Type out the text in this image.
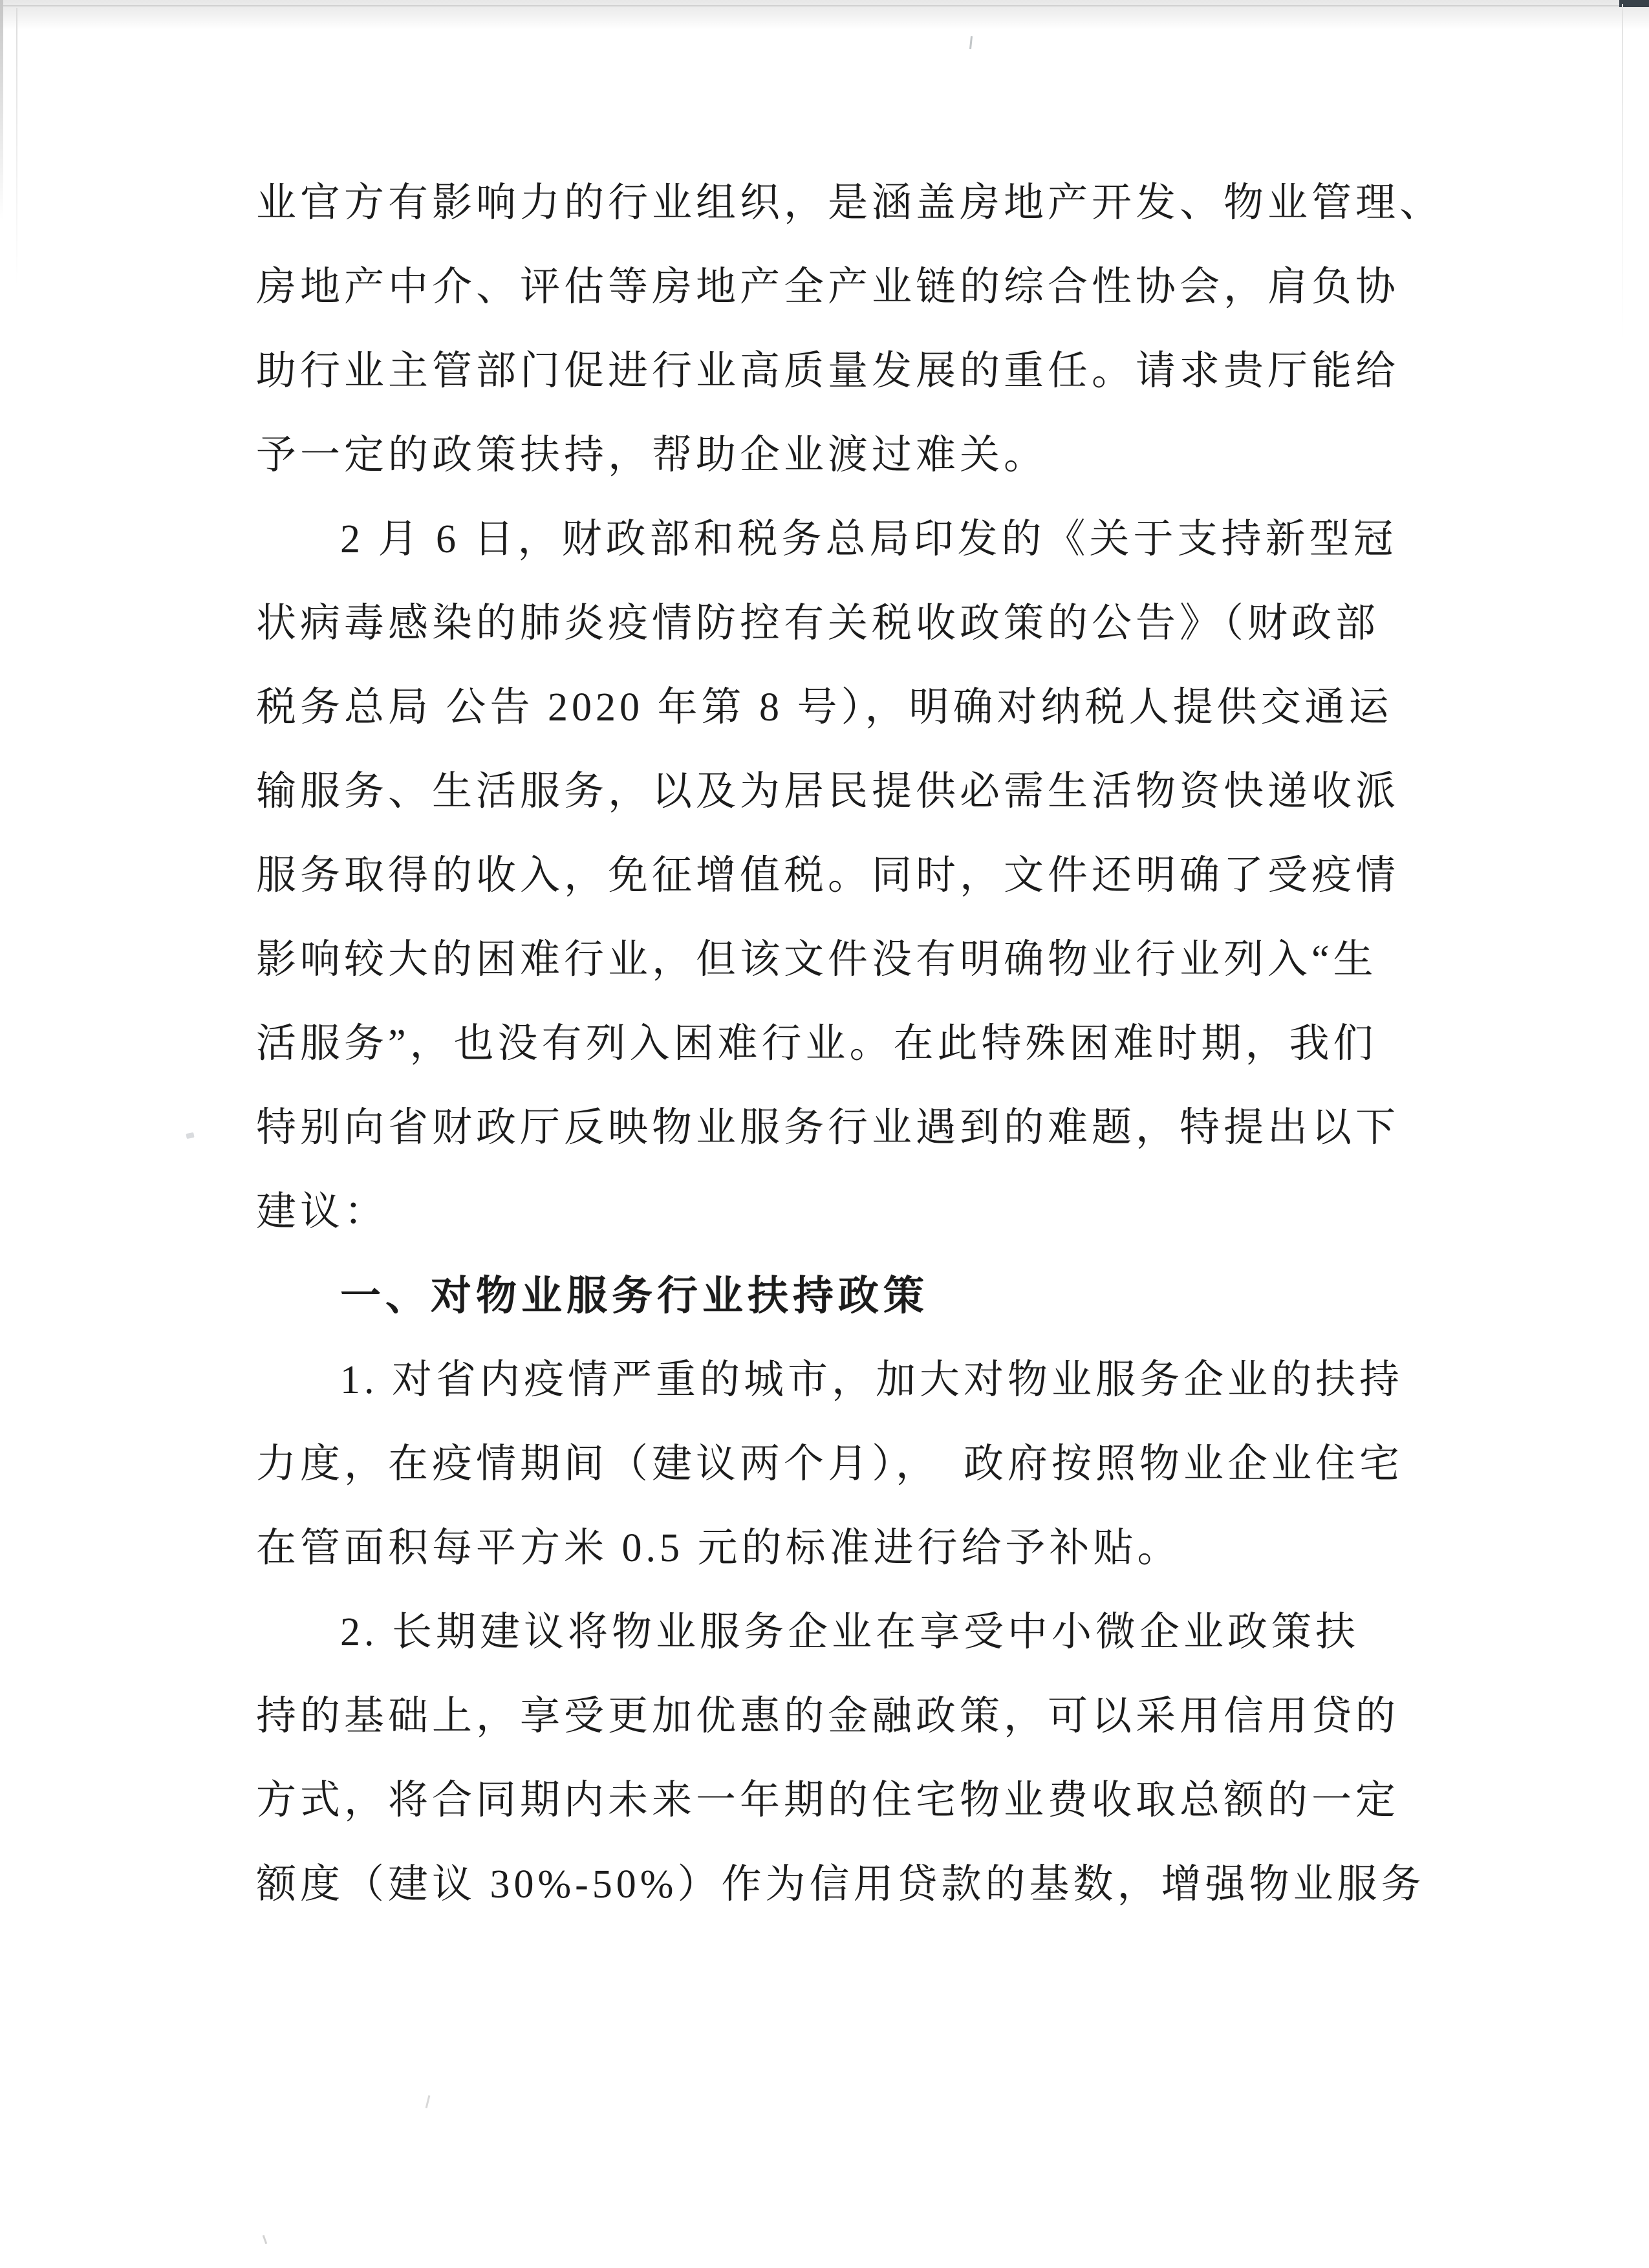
业官方有影响力的行业组织，是涵盖房地产开发、物业管理、
房地产中介、评估等房地产全产业链的综合性协会，肩负协
助行业主管部门促进行业高质量发展的重任。请求贵厅能给
予一定的政策扶持，帮助企业渡过难关。
2 月 6 日，财政部和税务总局印发的《关于支持新型冠
状病毒感染的肺炎疫情防控有关税收政策的公告》（财政部
税务总局 公告 2020 年第 8 号），明确对纳税人提供交通运
输服务、生活服务，以及为居民提供必需生活物资快递收派
服务取得的收入，免征增值税。同时，文件还明确了受疫情
影响较大的困难行业，但该文件没有明确物业行业列入“生
活服务”，也没有列入困难行业。在此特殊困难时期，我们
特别向省财政厅反映物业服务行业遇到的难题，特提出以下
建议：
一、对物业服务行业扶持政策
1. 对省内疫情严重的城市，加大对物业服务企业的扶持
力度，在疫情期间（建议两个月），　政府按照物业企业住宅
在管面积每平方米 0.5 元的标准进行给予补贴。
2. 长期建议将物业服务企业在享受中小微企业政策扶
持的基础上，享受更加优惠的金融政策，可以采用信用贷的
方式，将合同期内未来一年期的住宅物业费收取总额的一定
额度（建议 30%-50%）作为信用贷款的基数，增强物业服务
